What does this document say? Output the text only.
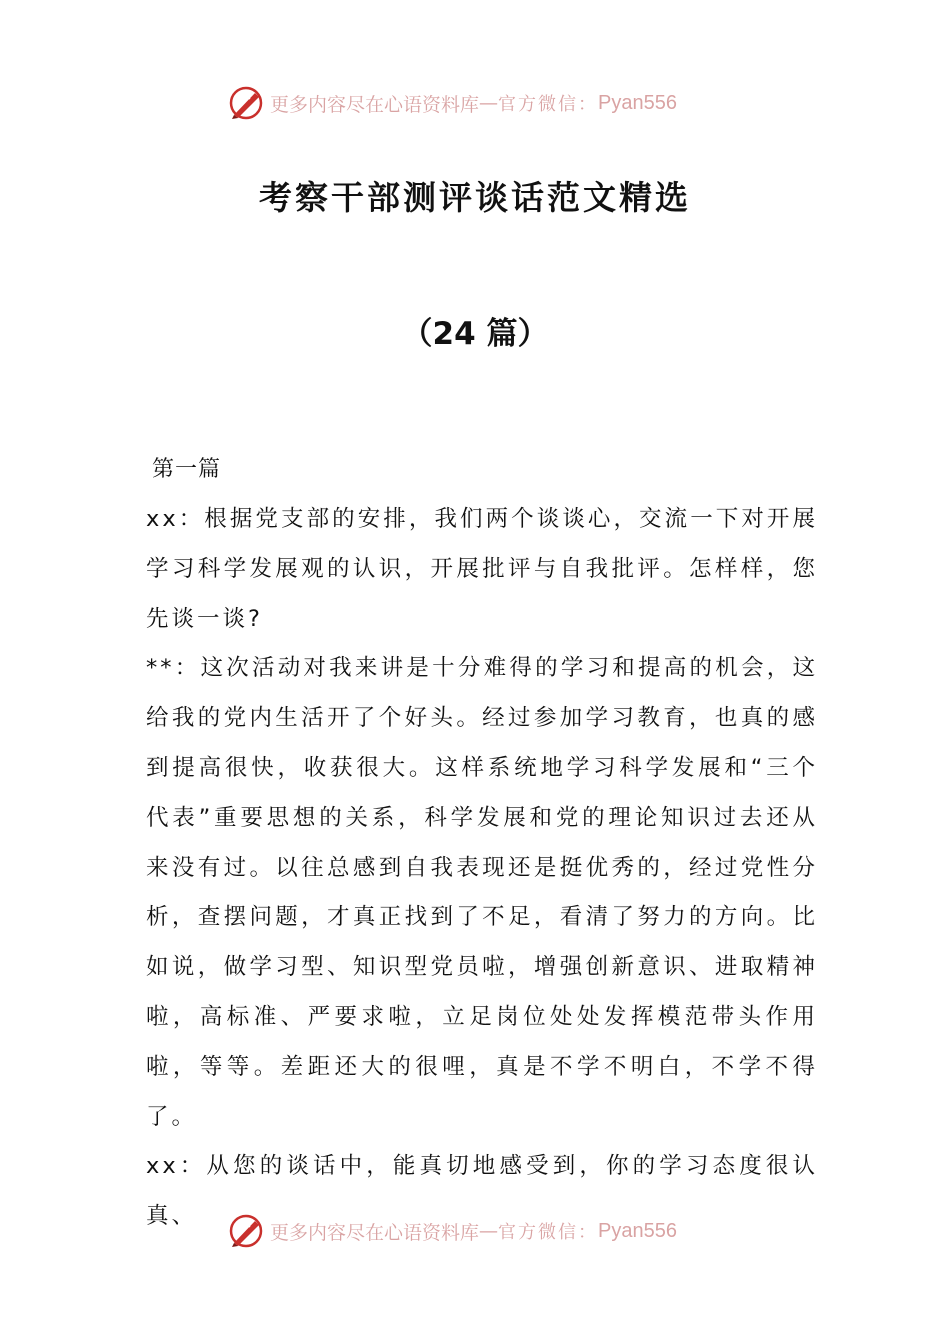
更多内容尽在心语资料库 — 官方微信： Pyan556
考察干部测评谈话范文精选
（24 篇）
第一篇

xx：根据党支部的安排，我们两个谈谈心，交流一下对开展学习科学发展观的认识，开展批评与自我批评。怎样样，您先谈一谈?

**：这次活动对我来讲是十分难得的学习和提高的机会，这给我的党内生活开了个好头。经过参加学习教育，也真的感到提高很快，收获很大。这样系统地学习科学发展和“三个代表”重要思想的关系，科学发展和党的理论知识过去还从来没有过。以往总感到自我表现还是挺优秀的，经过党性分析，查摆问题，才真正找到了不足，看清了努力的方向。比如说，做学习型、知识型党员啦，增强创新意识、进取精神啦，高标准、严要求啦，立足岗位处处发挥模范带头作用啦，等等。差距还大的很哩，真是不学不明白，不学不得了。

xx：从您的谈话中，能真切地感受到，你的学习态度很认真、

更多内容尽在心语资料库 — 官方微信： Pyan556
